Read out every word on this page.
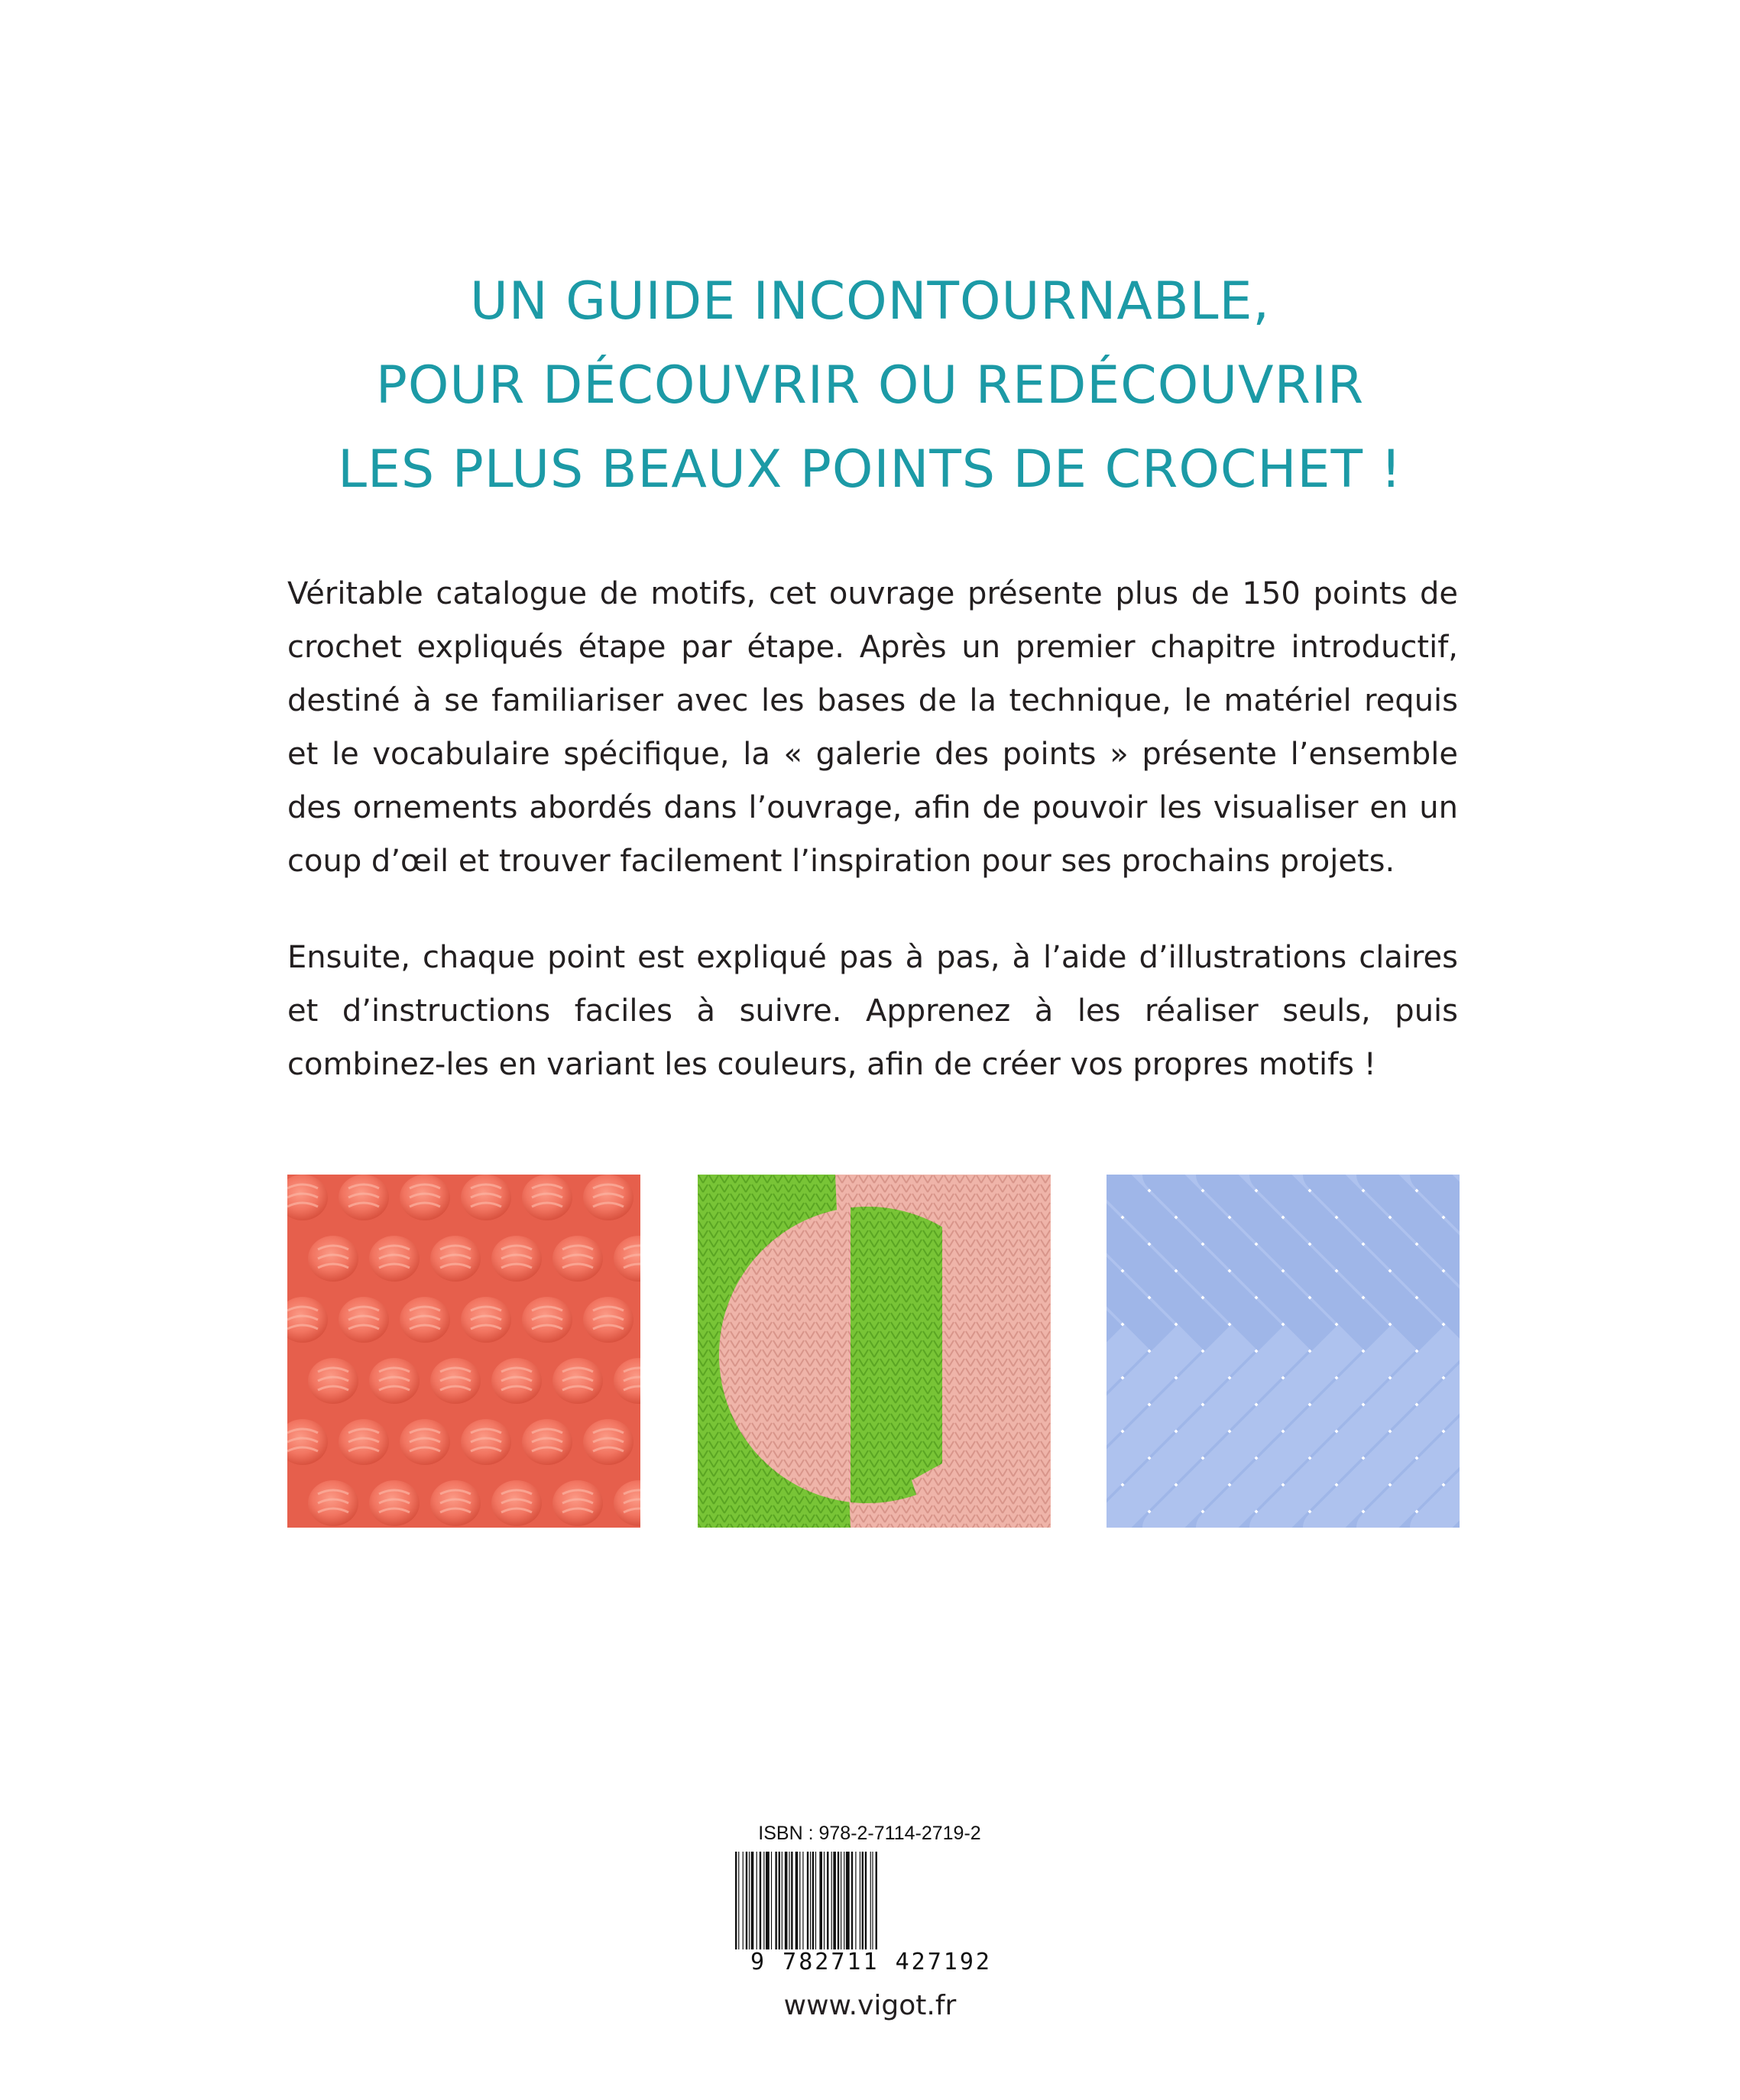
UN GUIDE INCONTOURNABLE,
POUR DÉCOUVRIR OU REDÉCOUVRIR
LES PLUS BEAUX POINTS DE CROCHET !
Véritable catalogue de motifs, cet ouvrage présente plus de 150 points de crochet expliqués étape par étape. Après un premier chapitre introductif, destiné à se familiariser avec les bases de la technique, le matériel requis et le vocabulaire spécifique, la « galerie des points » présente l’ensemble des ornements abordés dans l’ouvrage, afin de pouvoir les visualiser en un coup d’œil et trouver facilement l’inspiration pour ses prochains projets.
Ensuite, chaque point est expliqué pas à pas, à l’aide d’illustrations claires et d’instructions faciles à suivre. Apprenez à les réaliser seuls, puis combinez-les en variant les couleurs, afin de créer vos propres motifs !
ISBN : 978-2-7114-2719-2
9 782711 427192
www.vigot.fr
